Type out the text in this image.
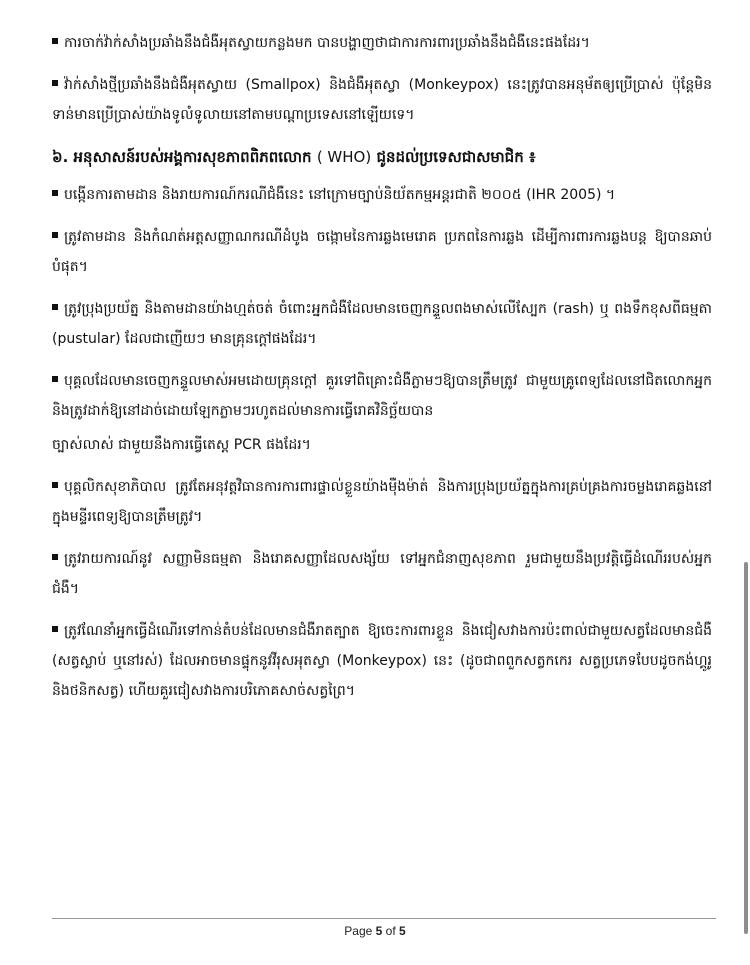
ការចាក់វ៉ាក់សាំងប្រឆាំងនឹងជំងឺអុតស្វាយកន្លងមក បានបង្ហាញថាជាការការពារប្រឆាំងនឹងជំងឺនេះផងដែរ។

វ៉ាក់សាំងថ្មីប្រឆាំងនឹងជំងឺអុតស្វាយ (Smallpox) និងជំងឺអុតស្វា (Monkeypox) នេះត្រូវបានអនុម័តឲ្យប្រើប្រាស់ ប៉ុន្តែមិនទាន់មានប្រើប្រាស់យ៉ាងទូលំទូលាយនៅតាមបណ្តាប្រទេសនៅឡើយទេ។

៦. អនុសាសន៍របស់អង្គការសុខភាពពិភពលោក ( WHO) ជូនដល់ប្រទេសជាសមាជិក ៖

បង្កើនការតាមដាន និងរាយការណ៍ករណីជំងឺនេះ នៅក្រោមច្បាប់និយ័តកម្មអន្តរជាតិ ២០០៥ (IHR 2005) ។

ត្រូវតាមដាន និងកំណត់អត្តសញ្ញាណករណីដំបូង ចង្កោមនៃការឆ្លងមេរោគ ប្រភពនៃការឆ្លង ដើម្បីការពារការឆ្លងបន្ត ឱ្យបានឆាប់បំផុត។

ត្រូវប្រុងប្រយ័ត្ន និងតាមដានយ៉ាងហ្មត់ចត់ ចំពោះអ្នកជំងឺដែលមានចេញកន្ទួលពងមាស់លើស្បែក (rash) ឬ ពងទឹកខុសពីធម្មតា (pustular) ដែលជាញើយៗ មានគ្រុនក្តៅផងដែរ។

បុគ្គលដែលមានចេញកន្ទួលមាស់អមដោយគ្រុនក្តៅ គួរទៅពិគ្រោះជំងឺភ្លាមៗឱ្យបានត្រឹមត្រូវ ជាមួយគ្រូពេទ្យដែលនៅជិតលោកអ្នក និងត្រូវដាក់ឱ្យនៅដាច់ដោយឡែកភ្លាមៗរហូតដល់មានការធ្វើរោគវិនិច្ឆ័យបាន

ច្បាស់លាស់ ជាមួយនឹងការធ្វើតេស្ត PCR ផងដែរ។

បុគ្គលិកសុខាភិបាល ត្រូវតែអនុវត្តវិធានការការពារផ្ទាល់ខ្លួនយ៉ាងម៉ឺងម៉ាត់ និងការប្រុងប្រយ័ត្នក្នុងការគ្រប់គ្រងការចម្លងរោគឆ្លងនៅក្នុងមន្ទីរពេទ្យឱ្យបានត្រឹមត្រូវ។

ត្រូវរាយការណ៍នូវ សញ្ញាមិនធម្មតា និងរោគសញ្ញាដែលសង្ស័យ ទៅអ្នកជំនាញសុខភាព រួមជាមួយនឹងប្រវត្តិធ្វើដំណើររបស់អ្នកជំងឺ។

ត្រូវណែនាំអ្នកធ្វើដំណើរទៅកាន់តំបន់ដែលមានជំងឺរាតត្បាត ឱ្យចេះការពារខ្លួន និងជៀសវាងការប៉ះពាល់ជាមួយសត្វដែលមានជំងឺ (សត្វស្លាប់ ឬនៅរស់) ដែលអាចមានផ្ទុកនូវវីរុសអុតស្វា (Monkeypox) នេះ (ដូចជាពពួកសត្វកកេរ សត្វប្រភេទបែបដូចកង់ហ្គូរូ និងថនិកសត្វ) ហើយគួរជៀសវាងការបរិភោគសាច់សត្វព្រៃ។

Page 5 of 5
